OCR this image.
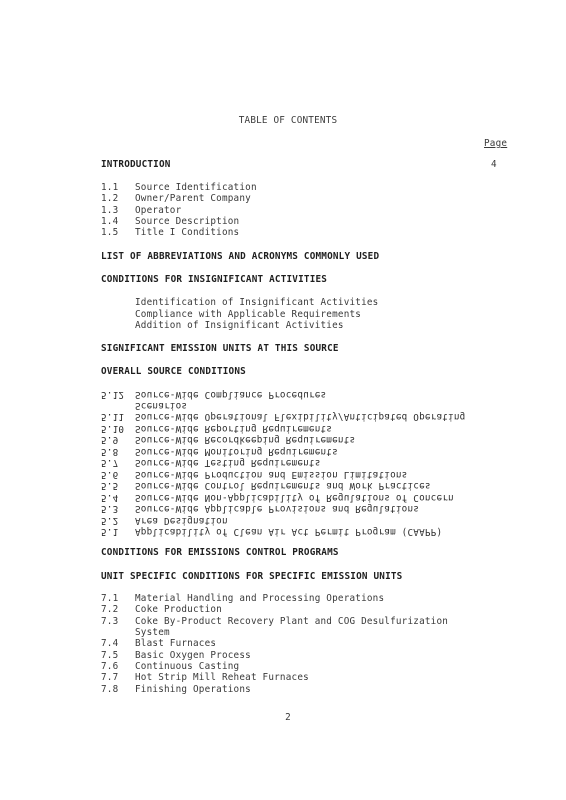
TABLE OF CONTENTS
Page
INTRODUCTION	4
1.1 Source Identification
1.2 Owner/Parent Company
1.3 Operator
1.4 Source Description
1.5 Title I Conditions
LIST OF ABBREVIATIONS AND ACRONYMS COMMONLY USED
CONDITIONS FOR INSIGNIFICANT ACTIVITIES
Identification of Insignificant Activities
Compliance with Applicable Requirements
Addition of Insignificant Activities
SIGNIFICANT EMISSION UNITS AT THIS SOURCE
OVERALL SOURCE CONDITIONS

5.1

Applicability of Clean Air Act Permit Program (CAAPP)

5.2

Area Designation

5.3

Source-Wide Applicable Provisions and Regulations

5.4

Source-Wide Non-Applicability of Regulations of Concern

5.5

Source-Wide Control Requirements and Work Practices

5.6

Source-Wide Production and Emission Limitations

5.7

Source-Wide Testing Requirements

5.8

Source-Wide Monitoring Requirements

5.9

Source-Wide Recordkeeping Requirements

5.10

Source-Wide Reporting Requirements

5.11

Source-Wide Operational Flexibility/Anticipated Operating

Scenarios

5.12

Source-Wide Compliance Procedures

CONDITIONS FOR EMISSIONS CONTROL PROGRAMS
UNIT SPECIFIC CONDITIONS FOR SPECIFIC EMISSION UNITS
7.1 Material Handling and Processing Operations
7.2 Coke Production
7.3 Coke By-Product Recovery Plant and COG Desulfurization
System
7.4 Blast Furnaces
7.5 Basic Oxygen Process
7.6 Continuous Casting
7.7 Hot Strip Mill Reheat Furnaces
7.8 Finishing Operations
2
